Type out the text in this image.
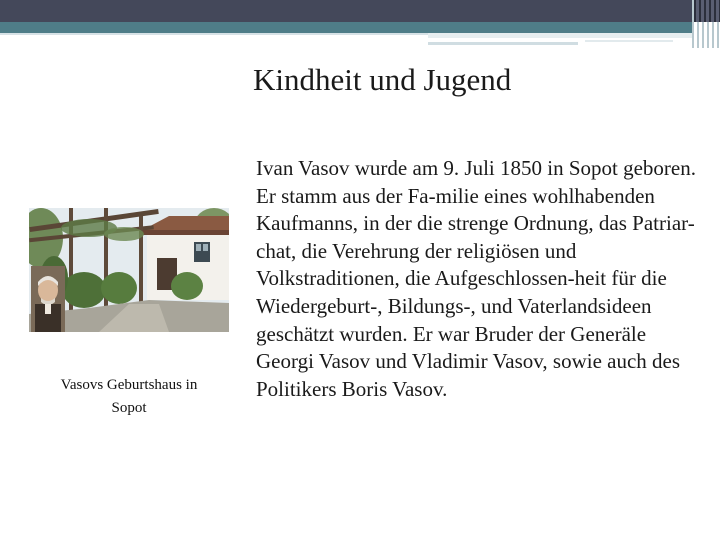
Kindheit und Jugend
Vasovs Geburtshaus in
Sopot
Ivan Vasov wurde am 9. Juli 1850 in Sopot geboren. Er stamm aus der Fa-milie eines wohlhabenden Kaufmanns, in der die strenge Ordnung, das Patriar-chat, die Verehrung der religiösen und Volkstraditionen, die Aufgeschlossen-heit für die Wiedergeburt-, Bildungs-, und Vaterlandsideen geschätzt wurden. Er war Bruder der Generäle Georgi Vasov und Vladimir Vasov, sowie auch des Politikers Boris Vasov.
